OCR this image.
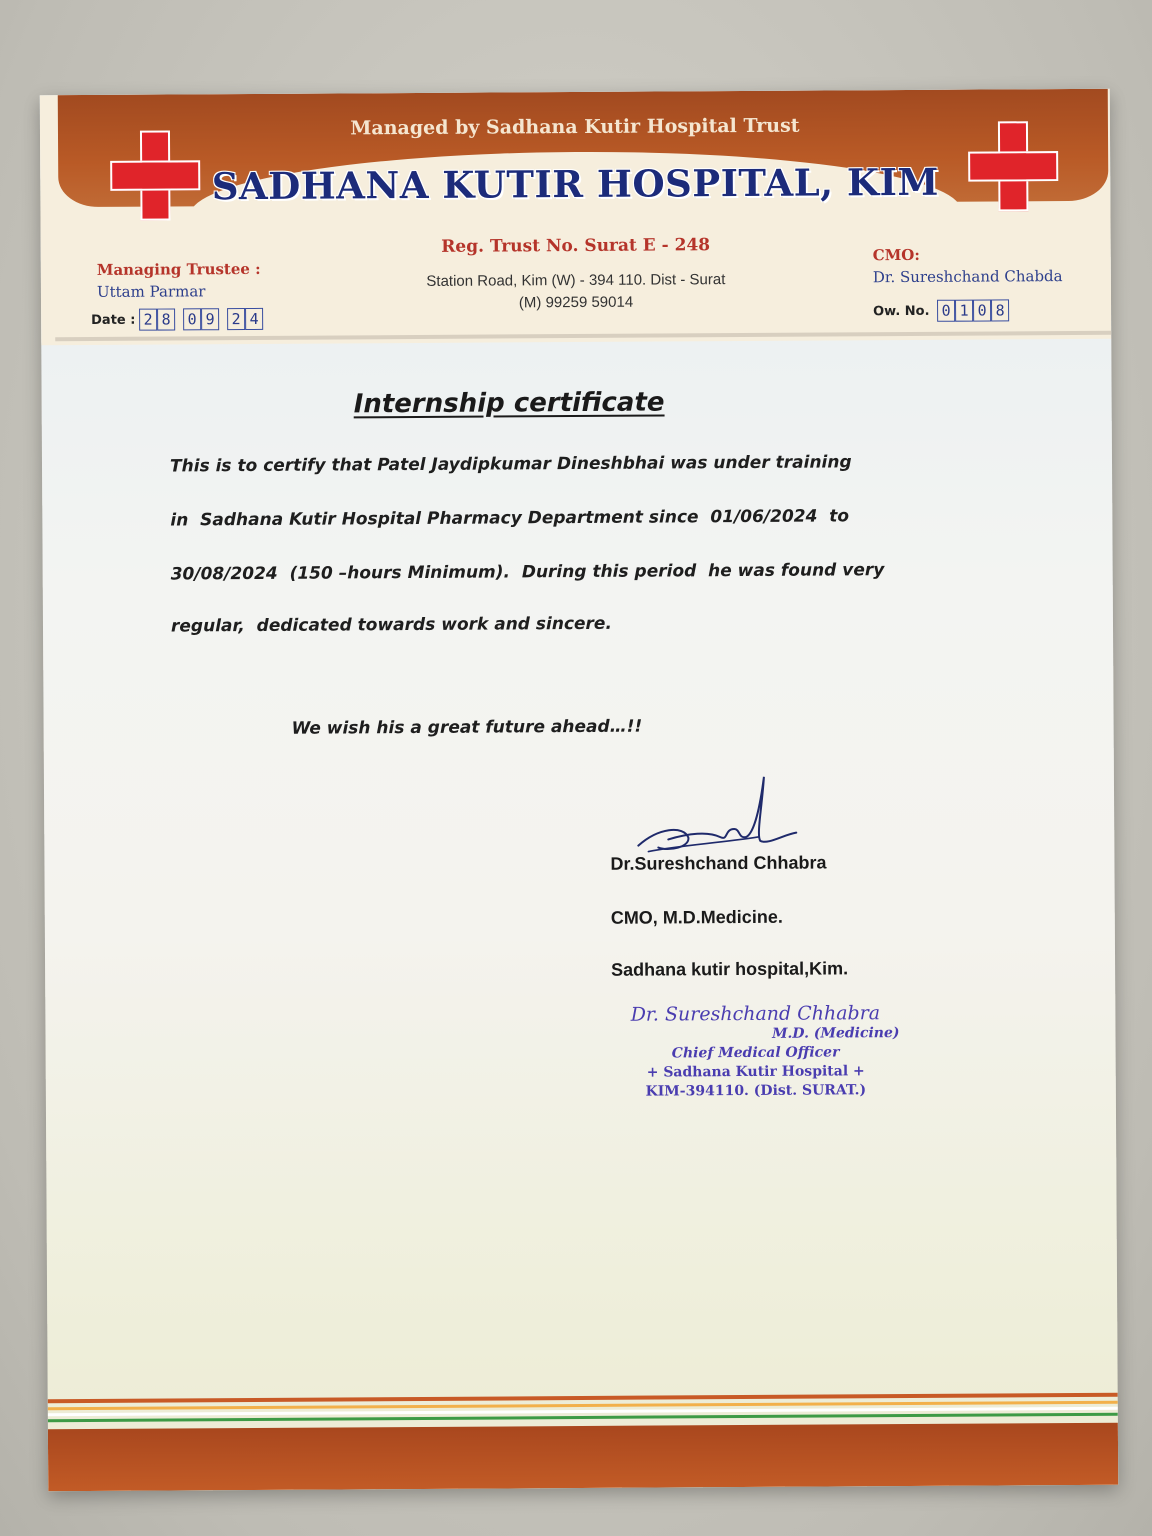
Managed by Sadhana Kutir Hospital Trust
SADHANA KUTIR HOSPITAL, KIM
Reg. Trust No. Surat E - 248
Station Road, Kim (W) - 394 110. Dist - Surat
(M) 99259 59014
Managing Trustee :
Uttam Parmar
CMO:
Dr. Sureshchand Chabda
Date : 2 8 0 9 2 4	Ow. No. 0 1 0 8
Internship certificate
This is to certify that Patel Jaydipkumar Dineshbhai was under training
in  Sadhana Kutir Hospital Pharmacy Department since  01/06/2024  to
30/08/2024  (150 –hours Minimum).  During this period  he was found very
regular,  dedicated towards work and sincere.
We wish his a great future ahead…!!
Dr.Sureshchand Chhabra
CMO, M.D.Medicine.
Sadhana kutir hospital,Kim.
Dr. Sureshchand Chhabra
M.D. (Medicine)
Chief Medical Officer
+ Sadhana Kutir Hospital +
KIM-394110. (Dist. SURAT.)
